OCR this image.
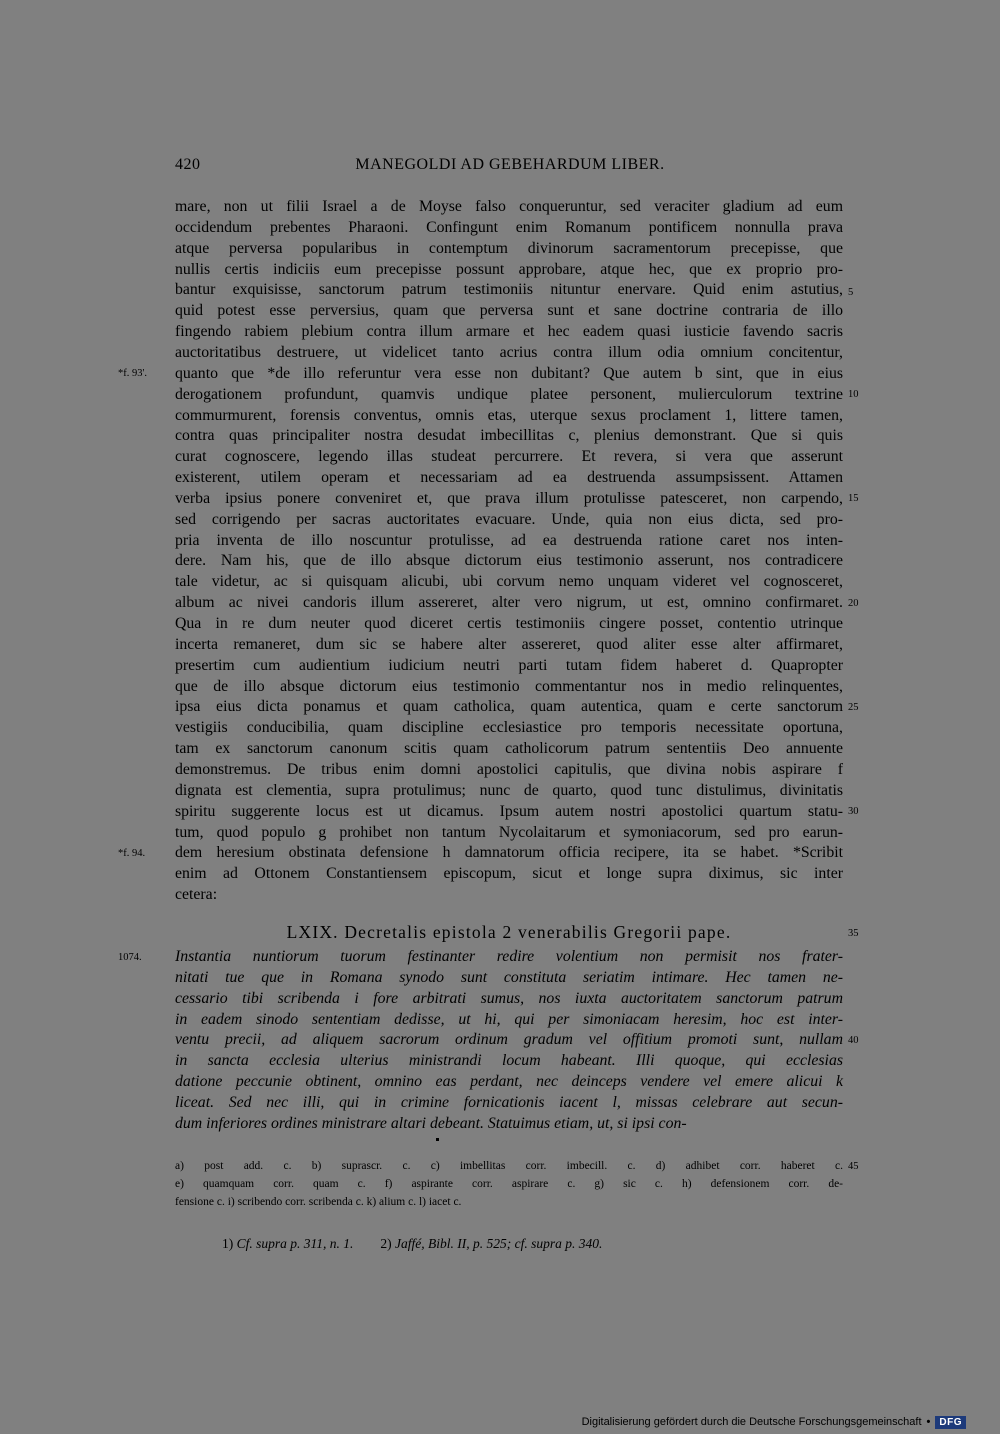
420	MANEGOLDI AD GEBEHARDUM LIBER.
mare, non ut filii Israel a de Moyse falso conqueruntur, sed veraciter gladium ad eum
occidendum prebentes Pharaoni. Confingunt enim Romanum pontificem nonnulla prava
atque perversa popularibus in contemptum divinorum sacramentorum precepisse, que
nullis certis indiciis eum precepisse possunt approbare, atque hec, que ex proprio pro-
bantur exquisisse, sanctorum patrum testimoniis nituntur enervare. Quid enim astutius,
quid potest esse perversius, quam que perversa sunt et sane doctrine contraria de illo
fingendo rabiem plebium contra illum armare et hec eadem quasi iusticie favendo sacris
auctoritatibus destruere, ut videlicet tanto acrius contra illum odia omnium concitentur,
quanto que *de illo referuntur vera esse non dubitant? Que autem b sint, que in eius
derogationem profundunt, quamvis undique platee personent, mulierculorum textrine
commurmurent, forensis conventus, omnis etas, uterque sexus proclament 1, littere tamen,
contra quas principaliter nostra desudat imbecillitas c, plenius demonstrant. Que si quis
curat cognoscere, legendo illas studeat percurrere. Et revera, si vera que asserunt
existerent, utilem operam et necessariam ad ea destruenda assumpsissent. Attamen
verba ipsius ponere conveniret et, que prava illum protulisse patesceret, non carpendo,
sed corrigendo per sacras auctoritates evacuare. Unde, quia non eius dicta, sed pro-
pria inventa de illo noscuntur protulisse, ad ea destruenda ratione caret nos inten-
dere. Nam his, que de illo absque dictorum eius testimonio asserunt, nos contradicere
tale videtur, ac si quisquam alicubi, ubi corvum nemo unquam videret vel cognosceret,
album ac nivei candoris illum assereret, alter vero nigrum, ut est, omnino confirmaret.
Qua in re dum neuter quod diceret certis testimoniis cingere posset, contentio utrinque
incerta remaneret, dum sic se habere alter assereret, quod aliter esse alter affirmaret,
presertim cum audientium iudicium neutri parti tutam fidem haberet d. Quapropter
que de illo absque dictorum eius testimonio commentantur nos in medio relinquentes,
ipsa eius dicta ponamus et quam catholica, quam autentica, quam e certe sanctorum
vestigiis conducibilia, quam discipline ecclesiastice pro temporis necessitate oportuna,
tam ex sanctorum canonum scitis quam catholicorum patrum sententiis Deo annuente
demonstremus. De tribus enim domni apostolici capitulis, que divina nobis aspirare f
dignata est clementia, supra protulimus; nunc de quarto, quod tunc distulimus, divinitatis
spiritu suggerente locus est ut dicamus. Ipsum autem nostri apostolici quartum statu-
tum, quod populo g prohibet non tantum Nycolaitarum et symoniacorum, sed pro earun-
dem heresium obstinata defensione h damnatorum officia recipere, ita se habet. *Scribit
enim ad Ottonem Constantiensem episcopum, sicut et longe supra diximus, sic inter
cetera:
5
10
15
20
25
30
35
40
45
*f. 93'.
*f. 94.
1074.
LXIX. Decretalis epistola 2 venerabilis Gregorii pape.
Instantia nuntiorum tuorum festinanter redire volentium non permisit nos frater-
nitati tue que in Romana synodo sunt constituta seriatim intimare. Hec tamen ne-
cessario tibi scribenda i fore arbitrati sumus, nos iuxta auctoritatem sanctorum patrum
in eadem sinodo sententiam dedisse, ut hi, qui per simoniacam heresim, hoc est inter-
ventu precii, ad aliquem sacrorum ordinum gradum vel offitium promoti sunt, nullam
in sancta ecclesia ulterius ministrandi locum habeant. Illi quoque, qui ecclesias
datione peccunie obtinent, omnino eas perdant, nec deinceps vendere vel emere alicui k
liceat. Sed nec illi, qui in crimine fornicationis iacent l, missas celebrare aut secun-
dum inferiores ordines ministrare altari debeant. Statuimus etiam, ut, si ipsi con-
a) post add. c. b) suprascr. c. c) imbellitas corr. imbecill. c. d) adhibet corr. haberet c.
e) quamquam corr. quam c. f) aspirante corr. aspirare c. g) sic c. h) defensionem corr. de-
fensione c. i) scribendo corr. scribenda c. k) alium c. l) iacet c.
1) Cf. supra p. 311, n. 1. 2) Jaffé, Bibl. II, p. 525; cf. supra p. 340.
Digitalisierung gefördert durch die Deutsche Forschungsgemeinschaft • DFG
